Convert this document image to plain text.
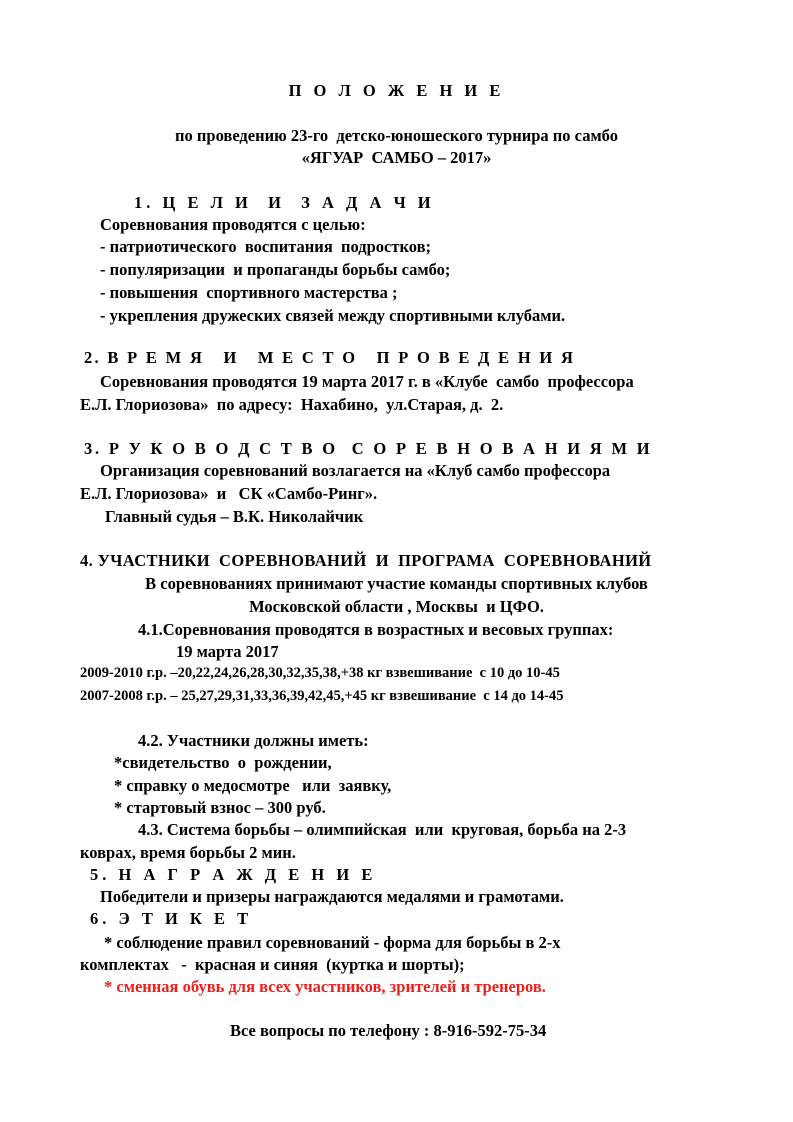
П О Л О Ж Е Н И Е
по проведению 23-го  детско-юношеского турнира по самбо
«ЯГУАР  САМБО – 2017»
1. Ц Е Л И  И  З А Д А Ч И
Соревнования проводятся с целью:
- патриотического  воспитания  подростков;
- популяризации  и пропаганды борьбы самбо;
- повышения  спортивного мастерства ;
- укрепления дружеских связей между спортивными клубами.
2. В Р Е М Я   И   М Е С Т О   П Р О В Е Д Е Н И Я
Соревнования проводятся 19 марта 2017 г. в «Клубе  самбо  профессора
Е.Л. Глориозова»  по адресу:  Нахабино,  ул.Старая, д.  2.
3. Р У К О В О Д С Т В О  С О Р Е В Н О В А Н И Я М И
Организация соревнований возлагается на «Клуб самбо профессора
Е.Л. Глориозова»  и   СК «Самбо-Ринг».
Главный судья – В.К. Николайчик
4. УЧАСТНИКИ  СОРЕВНОВАНИЙ  И  ПРОГРАМА  СОРЕВНОВАНИЙ
В соревнованиях принимают участие команды спортивных клубов
Московской области , Москвы  и ЦФО.
4.1.Соревнования проводятся в возрастных и весовых группах:
19 марта 2017
2009-2010 г.р. –20,22,24,26,28,30,32,35,38,+38 кг взвешивание  с 10 до 10-45
2007-2008 г.р. – 25,27,29,31,33,36,39,42,45,+45 кг взвешивание  с 14 до 14-45
4.2. Участники должны иметь:
*свидетельство  о  рождении,
* справку о медосмотре   или  заявку,
* стартовый взнос – 300 руб.
4.3. Система борьбы – олимпийская  или  круговая, борьба на 2-3
коврах, время борьбы 2 мин.
5. Н А Г Р А Ж Д Е Н И Е
Победители и призеры награждаются медалями и грамотами.
6. Э Т И К Е Т
* соблюдение правил соревнований - форма для борьбы в 2-х
комплектах   -  красная и синяя  (куртка и шорты);
* сменная обувь для всех участников, зрителей и тренеров.
Все вопросы по телефону : 8-916-592-75-34
